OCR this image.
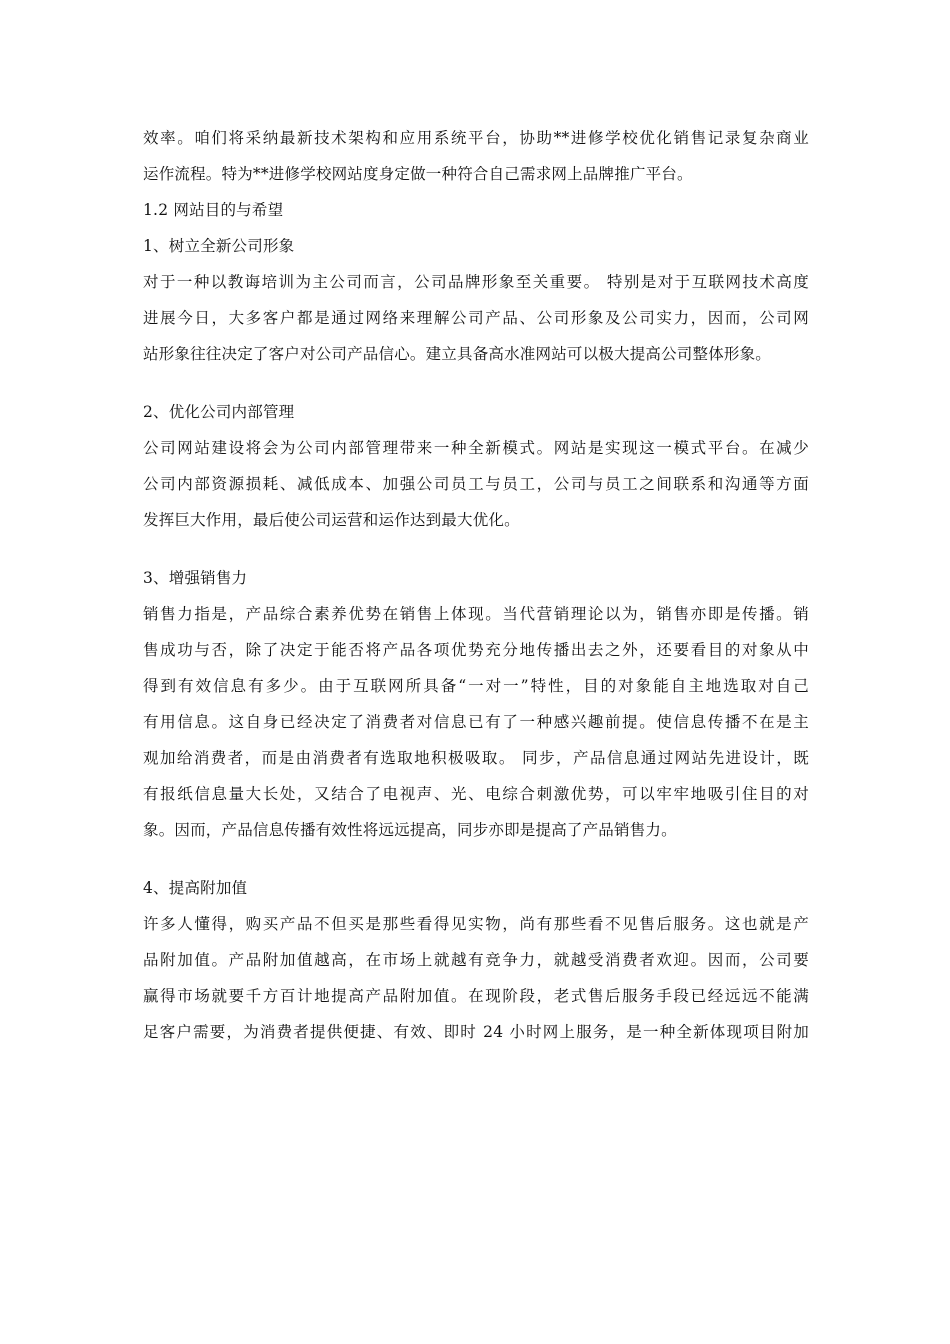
效率。咱们将采纳最新技术架构和应用系统平台，协助**进修学校优化销售记录复杂商业
运作流程。特为**进修学校网站度身定做一种符合自己需求网上品牌推广平台。
1.2 网站目的与希望
1、树立全新公司形象
对于一种以教诲培训为主公司而言，公司品牌形象至关重要。 特别是对于互联网技术高度
进展今日，大多客户都是通过网络来理解公司产品、公司形象及公司实力，因而，公司网
站形象往往决定了客户对公司产品信心。建立具备高水准网站可以极大提高公司整体形象。
2、优化公司内部管理
公司网站建设将会为公司内部管理带来一种全新模式。网站是实现这一模式平台。在减少
公司内部资源损耗、减低成本、加强公司员工与员工，公司与员工之间联系和沟通等方面
发挥巨大作用，最后使公司运营和运作达到最大优化。
3、增强销售力
销售力指是，产品综合素养优势在销售上体现。当代营销理论以为，销售亦即是传播。销
售成功与否，除了决定于能否将产品各项优势充分地传播出去之外，还要看目的对象从中
得到有效信息有多少。由于互联网所具备“一对一”特性，目的对象能自主地选取对自己
有用信息。这自身已经决定了消费者对信息已有了一种感兴趣前提。使信息传播不在是主
观加给消费者，而是由消费者有选取地积极吸取。 同步，产品信息通过网站先进设计，既
有报纸信息量大长处，又结合了电视声、光、电综合刺激优势，可以牢牢地吸引住目的对
象。因而，产品信息传播有效性将远远提高，同步亦即是提高了产品销售力。
4、提高附加值
许多人懂得，购买产品不但买是那些看得见实物，尚有那些看不见售后服务。这也就是产
品附加值。产品附加值越高，在市场上就越有竞争力，就越受消费者欢迎。因而，公司要
赢得市场就要千方百计地提高产品附加值。在现阶段，老式售后服务手段已经远远不能满
足客户需要，为消费者提供便捷、有效、即时 24 小时网上服务，是一种全新体现项目附加
